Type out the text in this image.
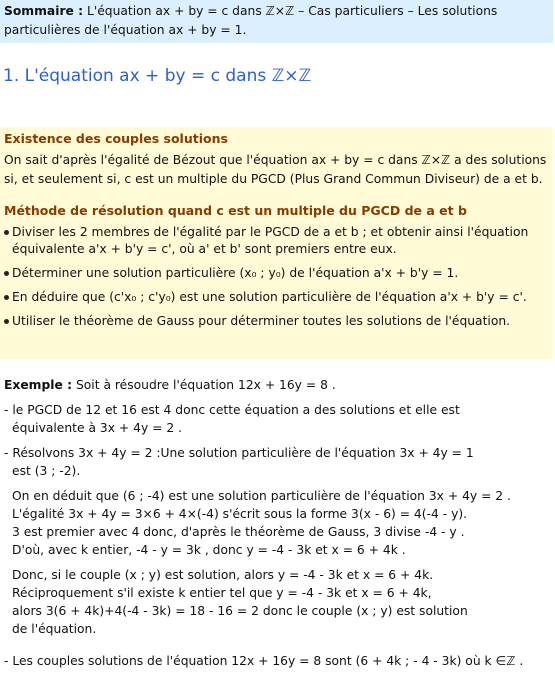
Sommaire : L'équation ax + by = c dans ℤ×ℤ – Cas particuliers – Les solutions particulières de l'équation ax + by = 1.
1. L'équation ax + by = c dans ℤ×ℤ
Existence des couples solutions
On sait d'après l'égalité de Bézout que l'équation ax + by = c dans ℤ×ℤ a des solutions si, et seulement si, c est un multiple du PGCD (Plus Grand Commun Diviseur) de a et b.
Méthode de résolution quand c est un multiple du PGCD de a et b
Diviser les 2 membres de l'égalité par le PGCD de a et b ; et obtenir ainsi l'équation équivalente a'x + b'y = c', où a' et b' sont premiers entre eux.
Déterminer une solution particulière (x₀ ; y₀) de l'équation a'x + b'y = 1.
En déduire que (c'x₀ ; c'y₀) est une solution particulière de l'équation a'x + b'y = c'.
Utiliser le théorème de Gauss pour déterminer toutes les solutions de l'équation.
Exemple : Soit à résoudre l'équation 12x + 16y = 8 .
- le PGCD de 12 et 16 est 4 donc cette équation a des solutions et elle est
équivalente à 3x + 4y = 2 .
- Résolvons 3x + 4y = 2 :Une solution particulière de l'équation 3x + 4y = 1
est (3 ; -2).
On en déduit que (6 ; -4) est une solution particulière de l'équation 3x + 4y = 2 .
L'égalité 3x + 4y = 3×6 + 4×(-4) s'écrit sous la forme 3(x - 6) = 4(-4 - y).
3 est premier avec 4 donc, d'après le théorème de Gauss, 3 divise -4 - y .
D'où, avec k entier, -4 - y = 3k , donc y = -4 - 3k et x = 6 + 4k .
Donc, si le couple (x ; y) est solution, alors y = -4 - 3k et x = 6 + 4k.
Réciproquement s'il existe k entier tel que y = -4 - 3k et x = 6 + 4k,
alors 3(6 + 4k)+4(-4 - 3k) = 18 - 16 = 2 donc le couple (x ; y) est solution
de l'équation.
- Les couples solutions de l'équation 12x + 16y = 8 sont (6 + 4k ; - 4 - 3k) où k ∈ℤ .
